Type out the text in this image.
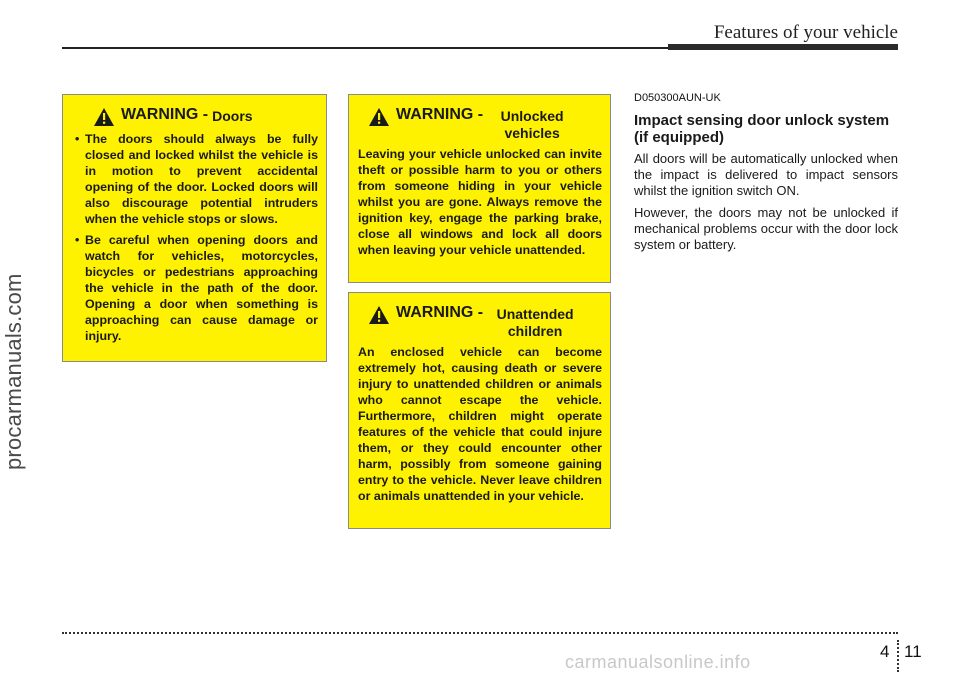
Features of your vehicle
procarmanuals.com
WARNING - Doors
• The doors should always be fully closed and locked whilst the vehicle is in motion to prevent accidental opening of the door. Locked doors will also discourage potential intruders when the vehicle stops or slows.
• Be careful when opening doors and watch for vehicles, motorcycles, bicycles or pedestrians approaching the vehicle in the path of the door. Opening a door when something is approaching can cause damage or injury.
WARNING -	Unlocked vehicles
Leaving your vehicle unlocked can invite theft or possible harm to you or others from someone hiding in your vehicle whilst you are gone. Always remove the ignition key, engage the parking brake, close all windows and lock all doors when leaving your vehicle unattended.
WARNING - Unattended children
An enclosed vehicle can become extremely hot, causing death or severe injury to unattended children or animals who cannot escape the vehicle. Furthermore, children might operate features of the vehicle that could injure them, or they could encounter other harm, possibly from someone gaining entry to the vehicle. Never leave children or animals unattended in your vehicle.
D050300AUN-UK
Impact sensing door unlock system (if equipped)

All doors will be automatically unlocked when the impact is delivered to impact sensors whilst the ignition switch ON.

However, the doors may not be unlocked if mechanical problems occur with the door lock system or battery.

4 11
carmanualsonline.info
